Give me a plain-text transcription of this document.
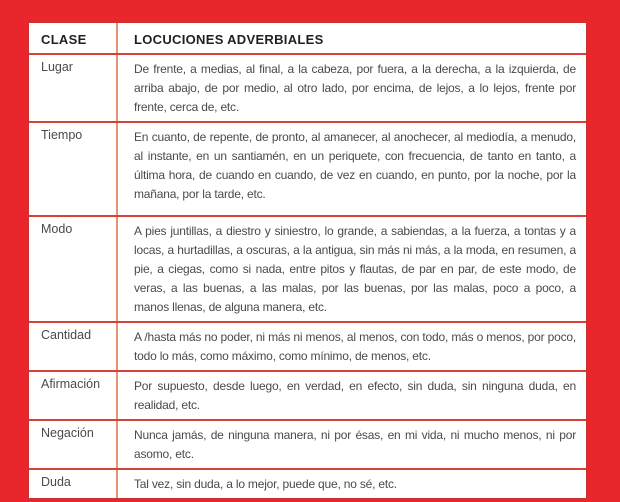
CLASE	LOCUCIONES ADVERBIALES
Lugar	De frente, a medias, al final, a la cabeza, por fuera, a la derecha, a la izquierda, de arriba abajo, de por medio, al otro lado, por encima, de lejos, a lo lejos, frente por frente, cerca de, etc.
Tiempo	En cuanto, de repente, de pronto, al amanecer, al anochecer, al mediodía, a menudo, al instante, en un santiamén, en un periquete, con frecuencia, de tanto en tanto, a última hora, de cuando en cuando, de vez en cuando, en punto, por la noche, por la mañana, por la tarde, etc.
Modo	A pies juntillas, a diestro y siniestro, lo grande, a sabiendas, a la fuerza, a tontas y a locas, a hurtadillas, a oscuras, a la antigua, sin más ni más, a la moda, en resumen, a pie, a ciegas, como si nada, entre pitos y flautas, de par en par, de este modo, de veras, a las buenas, a las malas, por las buenas, por las malas, poco a poco, a manos llenas, de alguna manera, etc.
Cantidad	A /hasta más no poder, ni más ni menos, al menos, con todo, más o menos, por poco, todo lo más, como máximo, como mínimo, de menos, etc.
Afirmación	Por supuesto, desde luego, en verdad, en efecto, sin duda, sin ninguna duda, en realidad, etc.
Negación	Nunca jamás, de ninguna manera, ni por ésas, en mi vida, ni mucho menos, ni por asomo, etc.
Duda	Tal vez, sin duda, a lo mejor, puede que, no sé, etc.
